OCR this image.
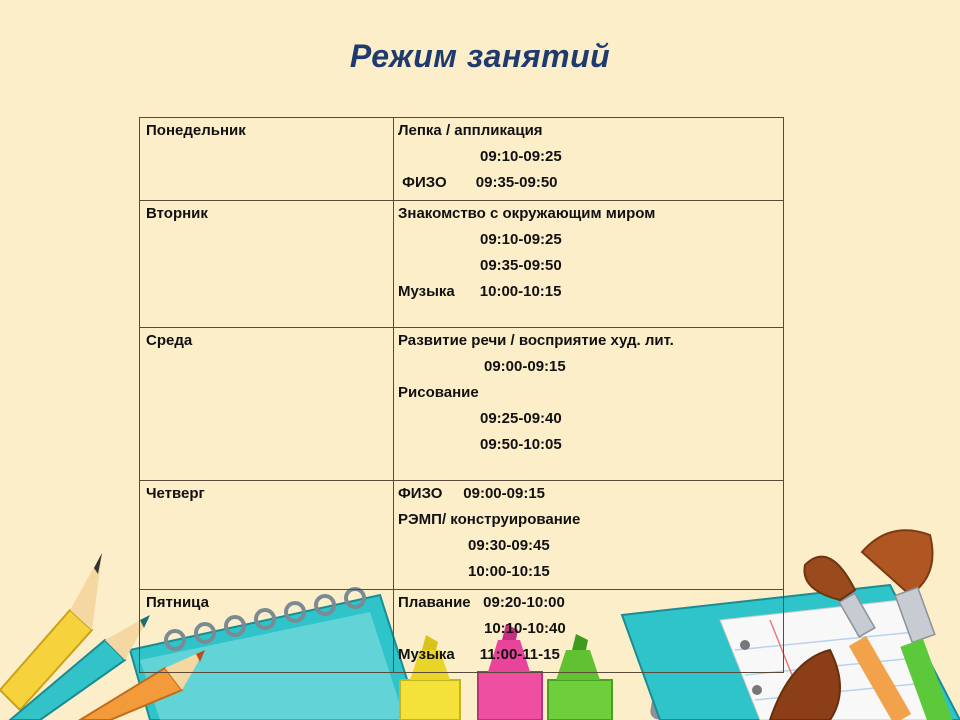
Режим занятий
Понедельник	Лепка / аппликация
09:10-09:25
ФИЗО       09:35-09:50

Вторник	Знакомство с окружающим миром
09:10-09:25
09:35-09:50
Музыка      10:00-10:15

Среда	Развитие речи / восприятие худ. лит.
09:00-09:15
Рисование
09:25-09:40
09:50-10:05

Четверг	ФИЗО     09:00-09:15
РЭМП/ конструирование
09:30-09:45
10:00-10:15

Пятница	Плавание   09:20-10:00
10:10-10:40
Музыка      11:00-11-15
